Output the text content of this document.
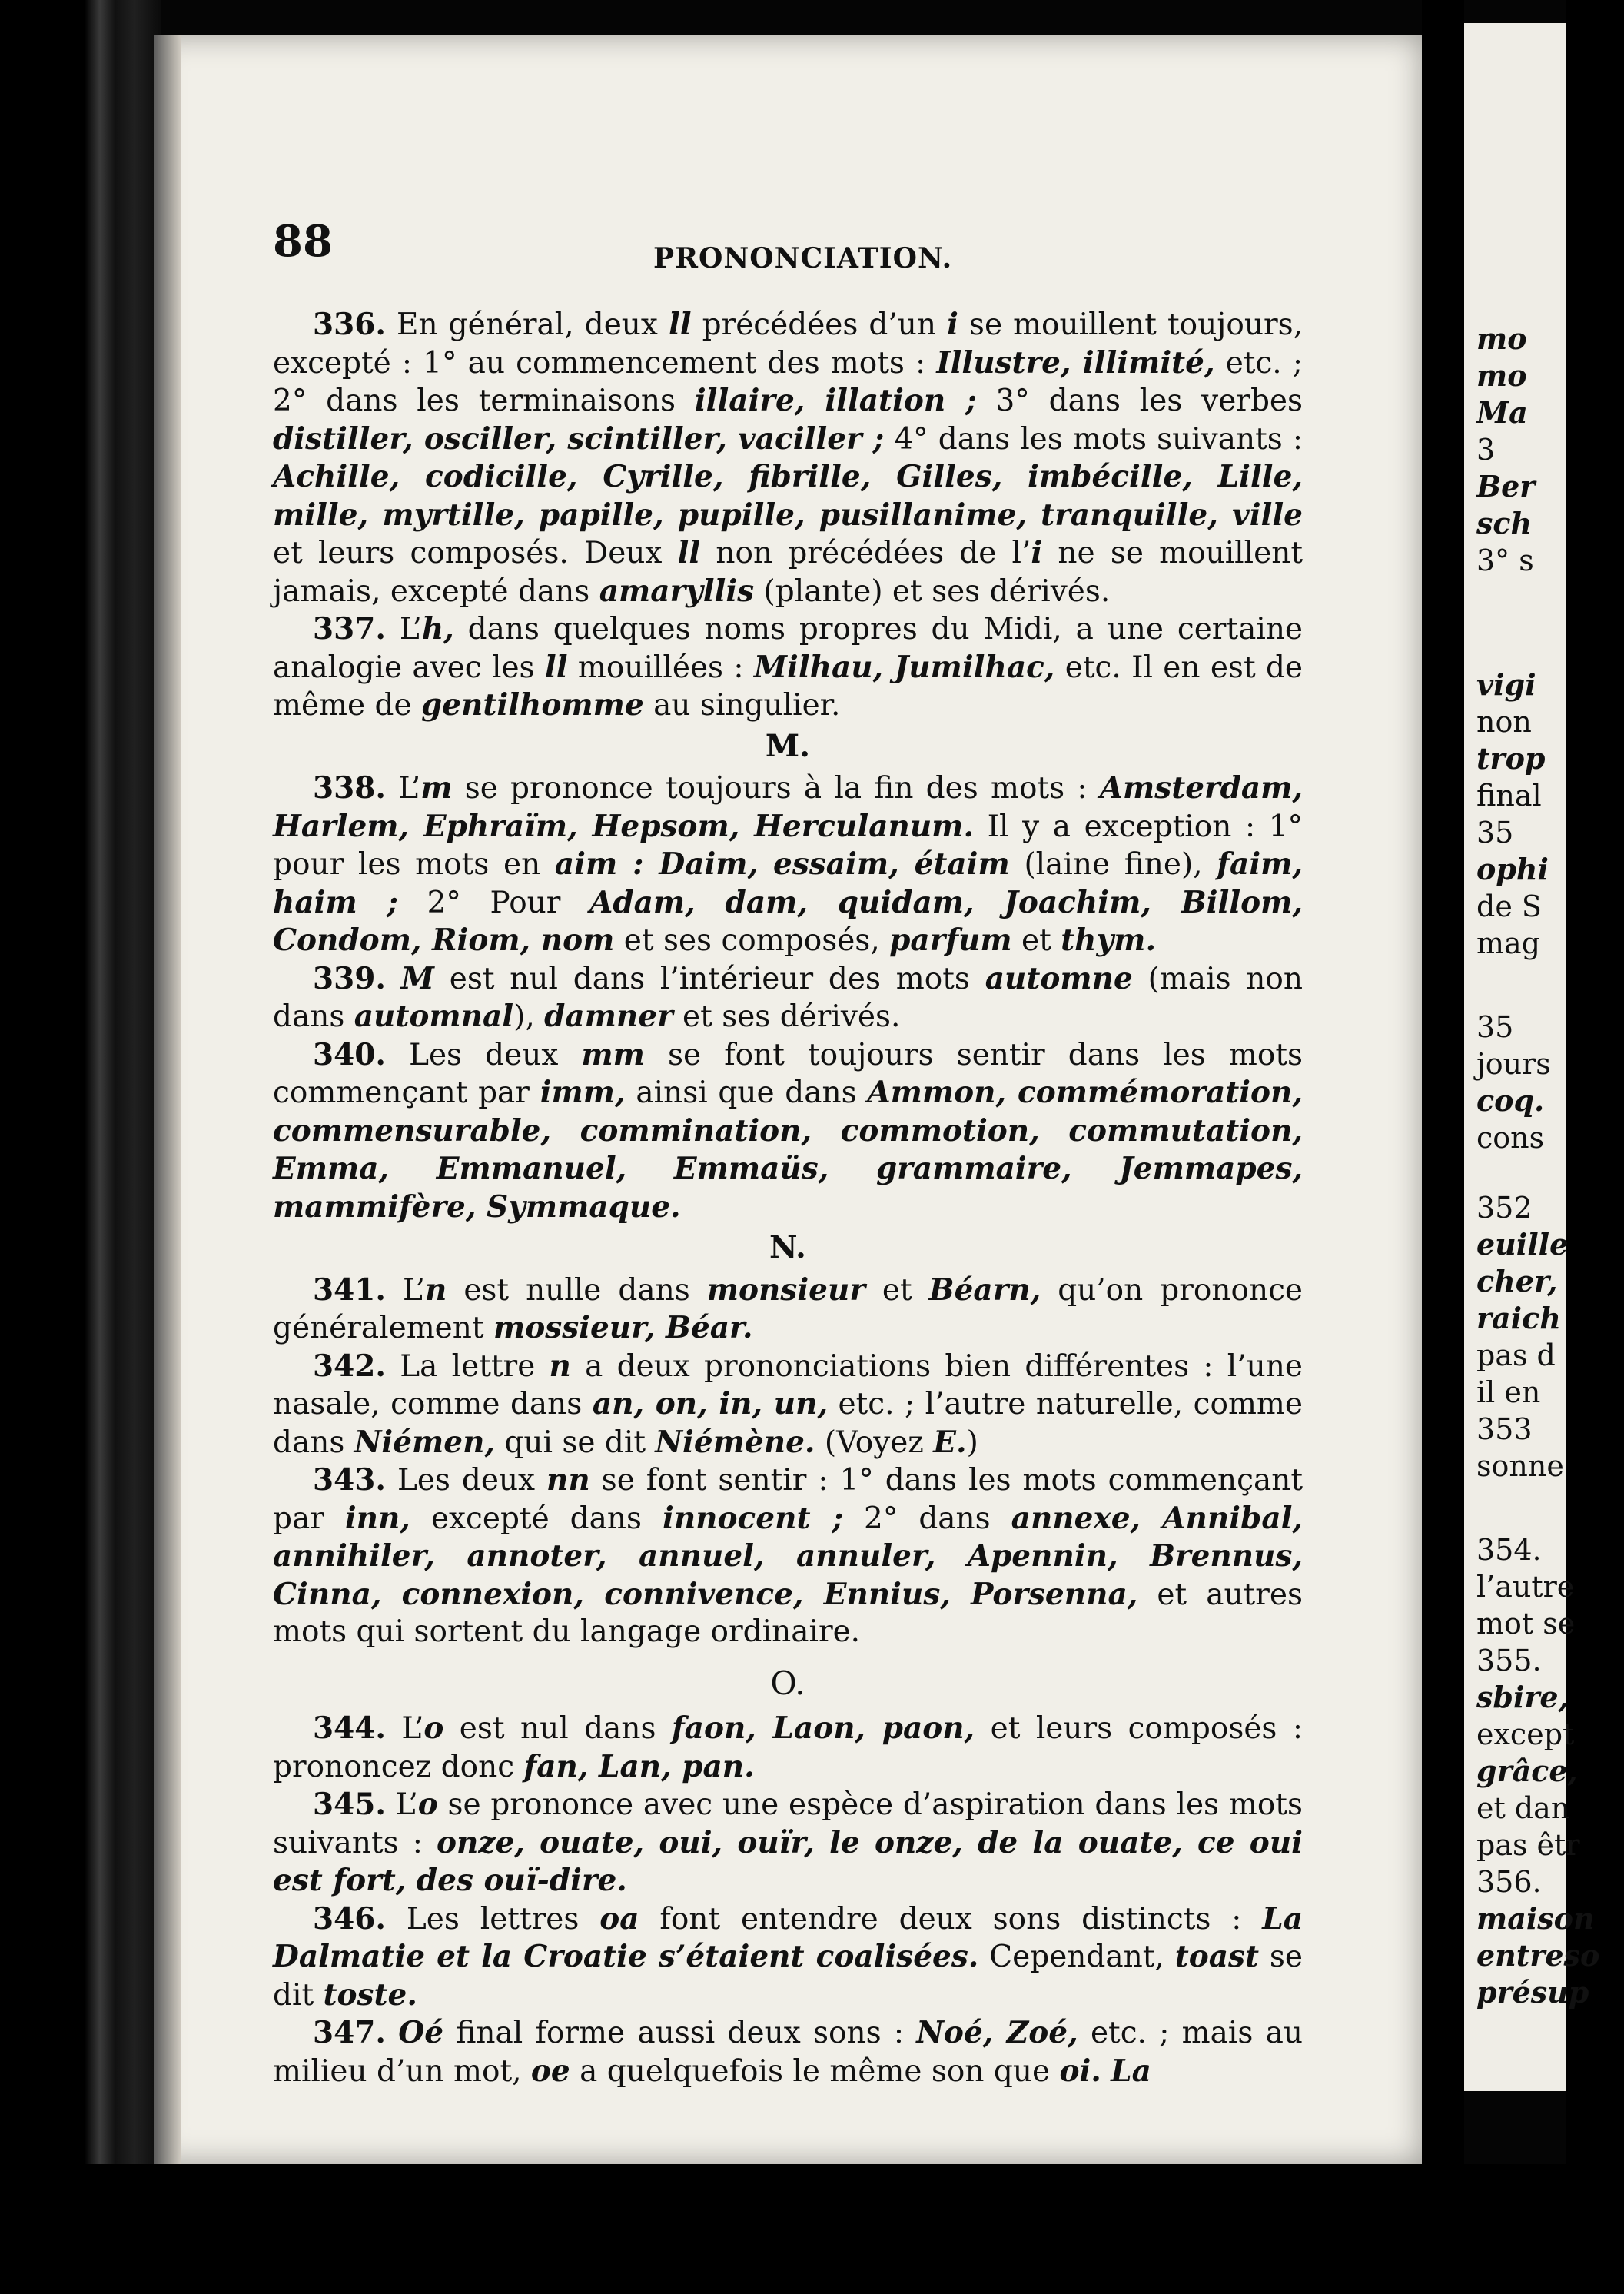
mo
mo
Ma
3
Ber
sch
3° s
vigi
non
trop
final
35
ophi
de S
mag
35
jours
coq.
cons
352
euille
cher,
raich
pas d
il en
353
sonne
354.
l’autre
mot se
355.
sbire,
except
grâce,
et dan
pas êtr
356.
maison
entreso
présup
88	PRONONCIATION.

336. En général, deux ll précédées d’un i se mouillent toujours, excepté : 1° au commencement des mots : Illustre, illimité, etc. ; 2° dans les terminaisons illaire, illation ; 3° dans les verbes distiller, osciller, scintiller, vaciller ; 4° dans les mots suivants : Achille, codicille, Cyrille, fibrille, Gilles, imbécille, Lille, mille, myrtille, papille, pupille, pusillanime, tranquille, ville et leurs composés. Deux ll non précédées de l’i ne se mouillent jamais, excepté dans amaryllis (plante) et ses dérivés.

337. L’h, dans quelques noms propres du Midi, a une certaine analogie avec les ll mouillées : Milhau, Jumilhac, etc. Il en est de même de gentilhomme au singulier.

M.

338. L’m se prononce toujours à la fin des mots : Amsterdam, Harlem, Ephraïm, Hepsom, Herculanum. Il y a exception : 1° pour les mots en aim : Daim, essaim, étaim (laine fine), faim, haim ; 2° Pour Adam, dam, quidam, Joachim, Billom, Condom, Riom, nom et ses composés, parfum et thym.

339. M est nul dans l’intérieur des mots automne (mais non dans automnal), damner et ses dérivés.

340. Les deux mm se font toujours sentir dans les mots commençant par imm, ainsi que dans Ammon, commémoration, commensurable, commination, commotion, commutation, Emma, Emmanuel, Emmaüs, grammaire, Jemmapes, mammifère, Symmaque.

N.

341. L’n est nulle dans monsieur et Béarn, qu’on prononce généralement mossieur, Béar.

342. La lettre n a deux prononciations bien différentes : l’une nasale, comme dans an, on, in, un, etc. ; l’autre naturelle, comme dans Niémen, qui se dit Niémène. (Voyez E.)

343. Les deux nn se font sentir : 1° dans les mots commençant par inn, excepté dans innocent ; 2° dans annexe, Annibal, annihiler, annoter, annuel, annuler, Apennin, Brennus, Cinna, connexion, connivence, Ennius, Porsenna, et autres mots qui sortent du langage ordinaire.

O.

344. L’o est nul dans faon, Laon, paon, et leurs composés : prononcez donc fan, Lan, pan.

345. L’o se prononce avec une espèce d’aspiration dans les mots suivants : onze, ouate, oui, ouïr, le onze, de la ouate, ce oui est fort, des ouï-dire.

346. Les lettres oa font entendre deux sons distincts : La Dalmatie et la Croatie s’étaient coalisées. Cependant, toast se dit toste.

347. Oé final forme aussi deux sons : Noé, Zoé, etc. ; mais au milieu d’un mot, oe a quelquefois le même son que oi. La
